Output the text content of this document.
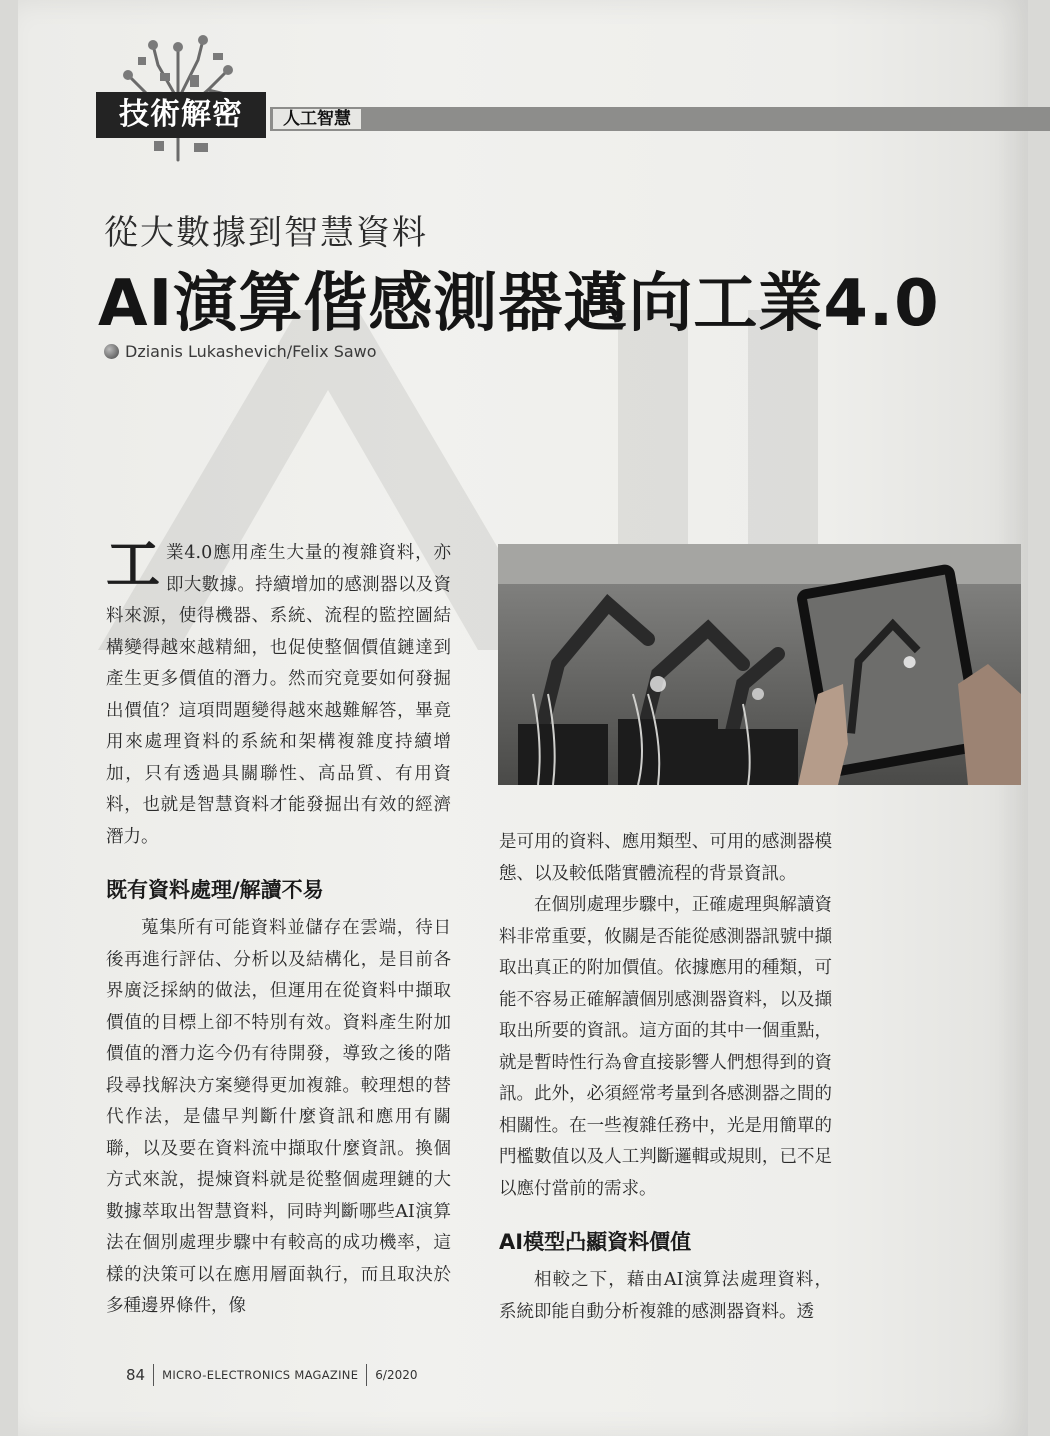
技術解密	人工智慧
從大數據到智慧資料
AI演算偕感測器邁向工業4.0
Dzianis Lukashevich/Felix Sawo

工業4.0應用產生大量的複雜資料，亦即大數據。持續增加的感測器以及資料來源，使得機器、系統、流程的監控圖結構變得越來越精細，也促使整個價值鏈達到產生更多價值的潛力。然而究竟要如何發掘出價值？這項問題變得越來越難解答，畢竟用來處理資料的系統和架構複雜度持續增加，只有透過具關聯性、高品質、有用資料，也就是智慧資料才能發掘出有效的經濟潛力。

既有資料處理/解讀不易

蒐集所有可能資料並儲存在雲端，待日後再進行評估、分析以及結構化，是目前各界廣泛採納的做法，但運用在從資料中擷取價值的目標上卻不特別有效。資料產生附加價值的潛力迄今仍有待開發，導致之後的階段尋找解決方案變得更加複雜。較理想的替代作法，是儘早判斷什麼資訊和應用有關聯，以及要在資料流中擷取什麼資訊。換個方式來說，提煉資料就是從整個處理鏈的大數據萃取出智慧資料，同時判斷哪些AI演算法在個別處理步驟中有較高的成功機率，這樣的決策可以在應用層面執行，而且取決於多種邊界條件，像

是可用的資料、應用類型、可用的感測器模態、以及較低階實體流程的背景資訊。

在個別處理步驟中，正確處理與解讀資料非常重要，攸關是否能從感測器訊號中擷取出真正的附加價值。依據應用的種類，可能不容易正確解讀個別感測器資料，以及擷取出所要的資訊。這方面的其中一個重點，就是暫時性行為會直接影響人們想得到的資訊。此外，必須經常考量到各感測器之間的相關性。在一些複雜任務中，光是用簡單的門檻數值以及人工判斷邏輯或規則，已不足以應付當前的需求。

AI模型凸顯資料價值

相較之下，藉由AI演算法處理資料，系統即能自動分析複雜的感測器資料。透

84 MICRO-ELECTRONICS MAGAZINE 6/2020
